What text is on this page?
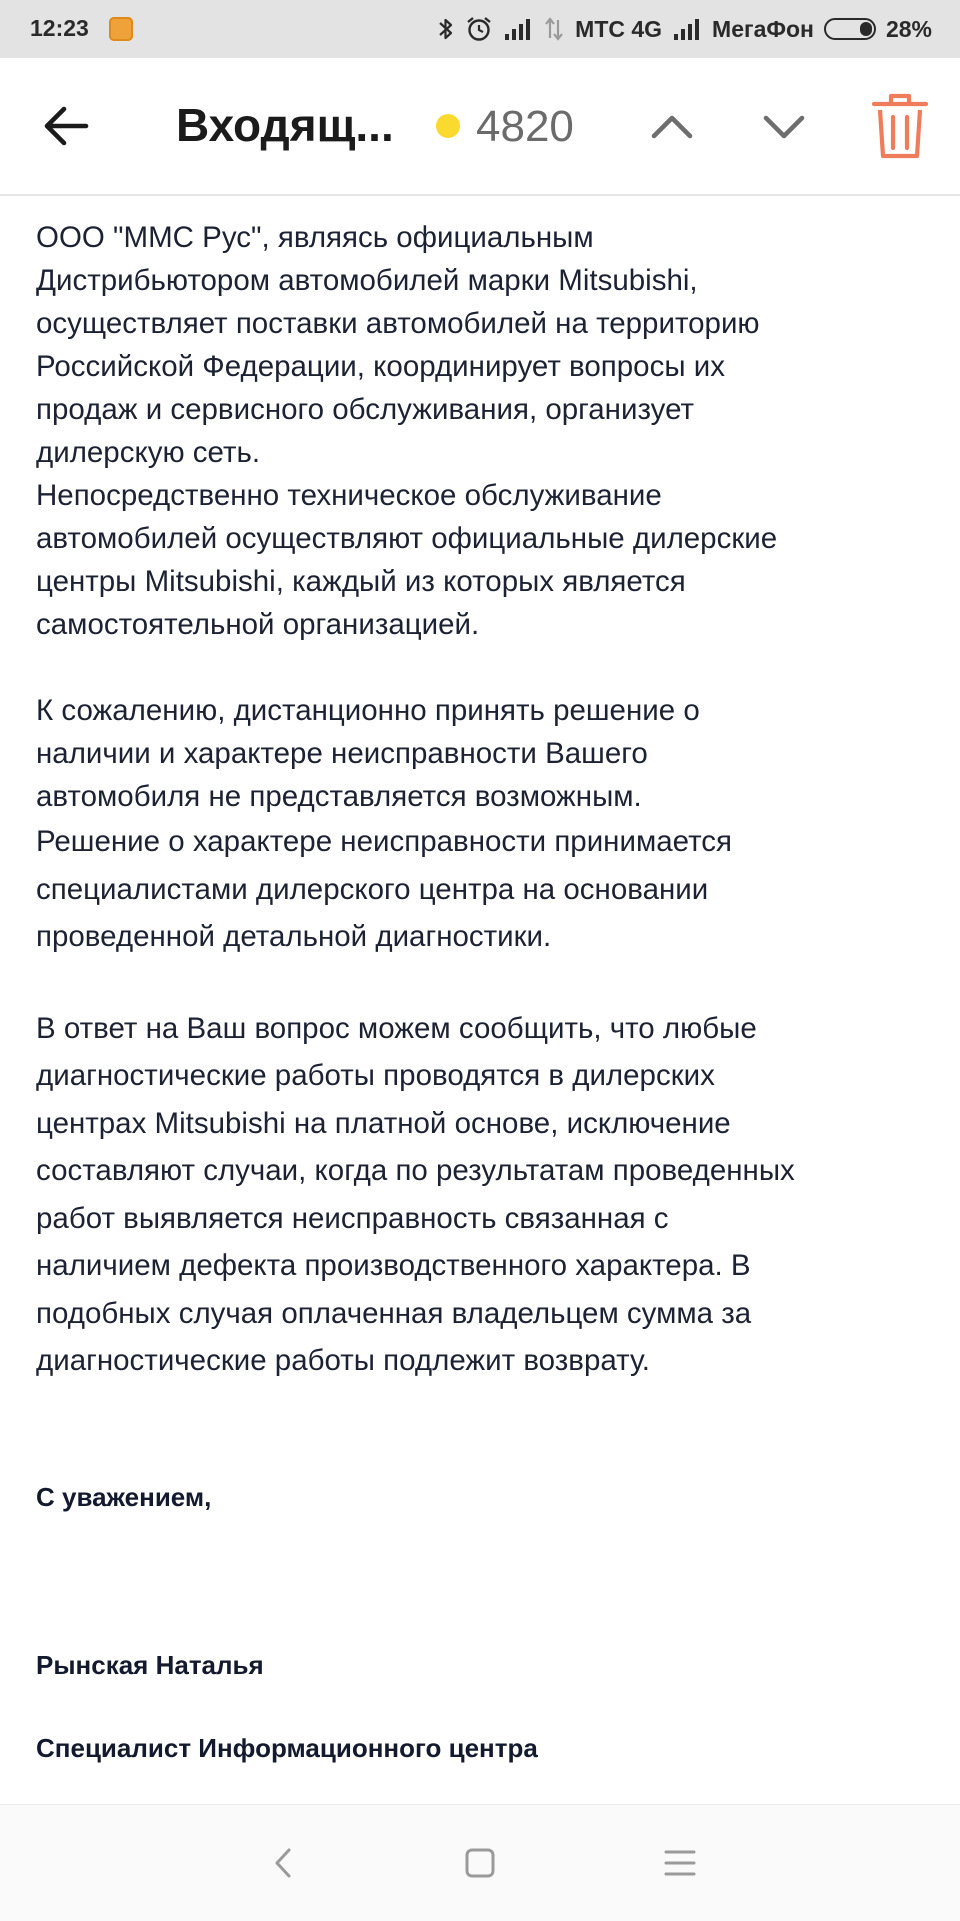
12:23	МТС 4G МегаФон	28%
Входящ... 4820
ООО "ММС Рус", являясь официальным
Дистрибьютором автомобилей марки Mitsubishi,
осуществляет поставки автомобилей на территорию
Российской Федерации, координирует вопросы их
продаж и сервисного обслуживания, организует
дилерскую сеть.
Непосредственно техническое обслуживание
автомобилей осуществляют официальные дилерские
центры Mitsubishi, каждый из которых является
самостоятельной организацией.
К сожалению, дистанционно принять решение о
наличии и характере неисправности Вашего
автомобиля не представляется возможным.
Решение о характере неисправности принимается
специалистами дилерского центра на основании
проведенной детальной диагностики.
В ответ на Ваш вопрос можем сообщить, что любые
диагностические работы проводятся в дилерских
центрах Mitsubishi на платной основе, исключение
составляют случаи, когда по результатам проведенных
работ выявляется неисправность связанная с
наличием дефекта производственного характера. В
подобных случая оплаченная владельцем сумма за
диагностические работы подлежит возврату.
С уважением,
Рынская Наталья
Специалист Информационного центра
